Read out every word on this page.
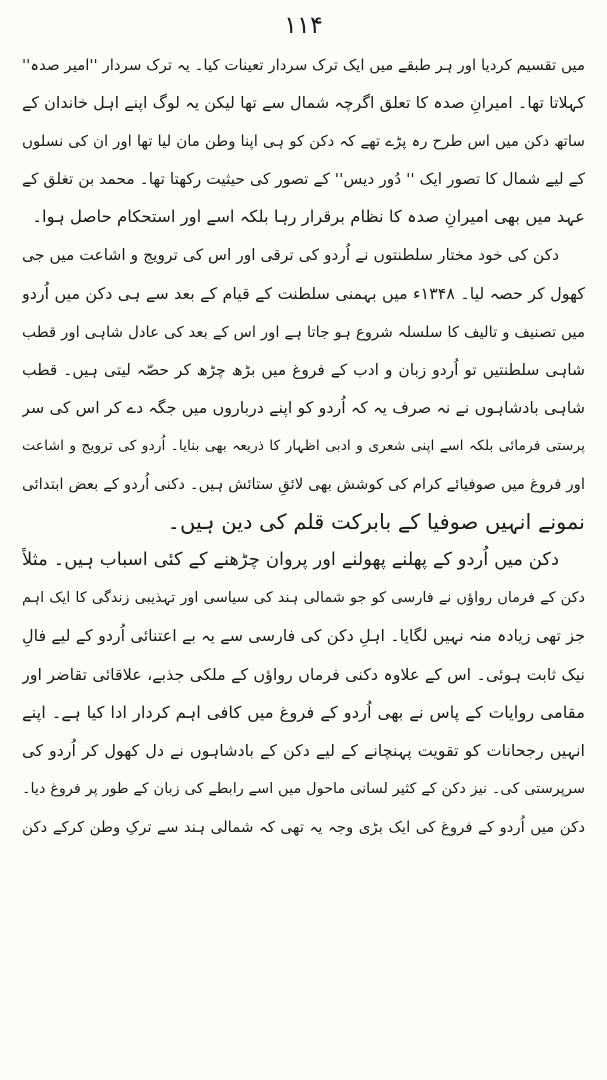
۱۱۴
میں تقسیم کردیا اور ہر طبقے میں ایک ترک سردار تعینات کیا۔ یہ ترک سردار ''امیر صدہ''
کہلاتا تھا۔ امیرانِ صدہ کا تعلق اگرچہ شمال سے تھا لیکن یہ لوگ اپنے اہل خاندان کے
ساتھ دکن میں اس طرح رہ پڑے تھے کہ دکن کو ہی اپنا وطن مان لیا تھا اور ان کی نسلوں
کے لیے شمال کا تصور ایک '' دُور دیس'' کے تصور کی حیثیت رکھتا تھا۔ محمد بن تغلق کے
عہد میں بھی امیرانِ صدہ کا نظام برقرار رہا بلکہ اسے اور استحکام حاصل ہوا۔
دکن کی خود مختار سلطنتوں نے اُردو کی ترقی اور اس کی ترویج و اشاعت میں جی
کھول کر حصہ لیا۔ ۱۳۴۸ء میں بہمنی سلطنت کے قیام کے بعد سے ہی دکن میں اُردو
میں تصنیف و تالیف کا سلسلہ شروع ہو جاتا ہے اور اس کے بعد کی عادل شاہی اور قطب
شاہی سلطنتیں تو اُردو زبان و ادب کے فروغ میں بڑھ چڑھ کر حصّہ لیتی ہیں۔ قطب
شاہی بادشاہوں نے نہ صرف یہ کہ اُردو کو اپنے درباروں میں جگہ دے کر اس کی سر
پرستی فرمائی بلکہ اسے اپنی شعری و ادبی اظہار کا ذریعہ بھی بنایا۔ اُردو کی ترویج و اشاعت
اور فروغ میں صوفیائے کرام کی کوشش بھی لائقِ ستائش ہیں۔ دکنی اُردو کے بعض ابتدائی
نمونے انہیں صوفیا کے بابرکت قلم کی دین ہیں۔
دکن میں اُردو کے پھلنے پھولنے اور پروان چڑھنے کے کئی اسباب ہیں۔ مثلاً
دکن کے فرماں رواؤں نے فارسی کو جو شمالی ہند کی سیاسی اور تہذیبی زندگی کا ایک اہم
جز تھی زیادہ منہ نہیں لگایا۔ اہلِ دکن کی فارسی سے یہ بے اعتنائی اُردو کے لیے فالِ
نیک ثابت ہوئی۔ اس کے علاوہ دکنی فرماں رواؤں کے ملکی جذبے، علاقائی تقاضر اور
مقامی روایات کے پاس نے بھی اُردو کے فروغ میں کافی اہم کردار ادا کیا ہے۔ اپنے
انہیں رجحانات کو تقویت پہنچانے کے لیے دکن کے بادشاہوں نے دل کھول کر اُردو کی
سرپرستی کی۔ نیز دکن کے کثیر لسانی ماحول میں اسے رابطے کی زبان کے طور پر فروغ دیا۔
دکن میں اُردو کے فروغ کی ایک بڑی وجہ یہ تھی کہ شمالی ہند سے ترکِ وطن کرکے دکن
